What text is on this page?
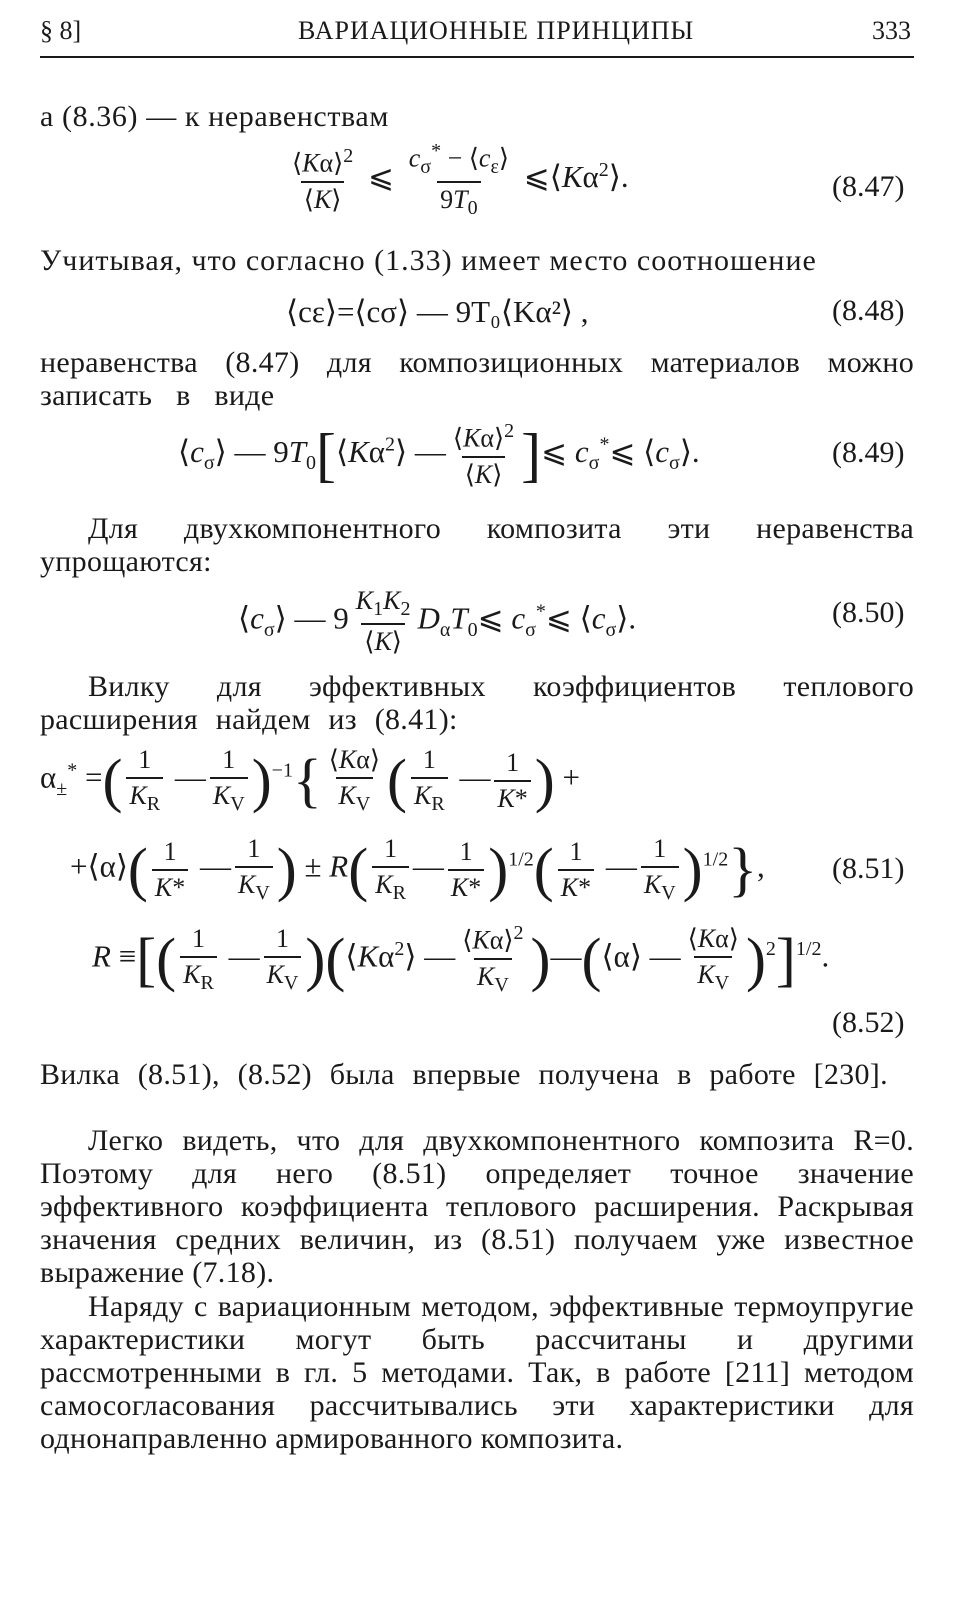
§ 8]	ВАРИАЦИОННЫЕ ПРИНЦИПЫ	333
а (8.36) — к неравенствам
$\frac{⟨K\alpha⟩^2}{⟨K⟩}$ ⩽ $\frac{c_\sigma^* - ⟨c_\varepsilon⟩}{9T_0}$ $⩽⟨K\alpha^2⟩$.	(8.47)
Учитывая, что согласно (1.33) имеет место соотношение
⟨cε⟩=⟨cσ⟩ — 9T₀⟨Kα²⟩ ,	(8.48)
неравенства (8.47) для композиционных материалов можно записать в виде
$⟨c_\sigma⟩$ — $9T_0[⟨K\alpha^2⟩$ — $\frac{⟨K\alpha⟩^2}{⟨K⟩}$ ]⩽ $c_\sigma^*⩽$ $⟨c_\sigma⟩$.	(8.49)
Для двухкомпонентного композита эти неравенства упрощаются:
$⟨c_\sigma⟩$ — $9 \frac{K_1K_2}{⟨K⟩}$ $D_\alpha T_0⩽$ $c_\sigma^*⩽$ $⟨c_\sigma⟩$.	(8.50)
Вилку для эффективных коэффициентов теплового расширения найдем из (8.41):
$\alpha_\pm^*$ =( $\frac{1}{K_R}$ — $\frac{1}{K_V} )^{-1}\{ \frac{⟨K\alpha⟩}{K_V}$ ( $\frac{1}{K_R}$ — $\frac{1}{K*}$ ) +
+⟨α⟩( $\frac{1}{K*}$ — $\frac{1}{K_V}$ ) ± $R( \frac{1}{K_R}$ — $\frac{1}{K*} )^{1/2}( \frac{1}{K*}$ — $\frac{1}{K_V} )^{1/2}$}, (8.51)
R ≡[( $\frac{1}{K_R}$ — $\frac{1}{K_V}$ )($⟨K\alpha^2⟩$ — $\frac{⟨K\alpha⟩^2}{K_V}$ )—(⟨α⟩ — $\frac{⟨K\alpha⟩}{K_V} )^2]^{1/2}$.
(8.52)
Вилка (8.51), (8.52) была впервые получена в работе [230].
Легко видеть, что для двухкомпонентного композита R=0. Поэтому для него (8.51) определяет точное значение эффективного коэффициента теплового расширения. Раскрывая значения средних величин, из (8.51) получаем уже известное выражение (7.18).
Наряду с вариационным методом, эффективные термоупругие характеристики могут быть рассчитаны и другими рассмотренными в гл. 5 методами. Так, в работе [211] методом самосогласования рассчитывались эти характеристики для однонаправленно армированного композита.
